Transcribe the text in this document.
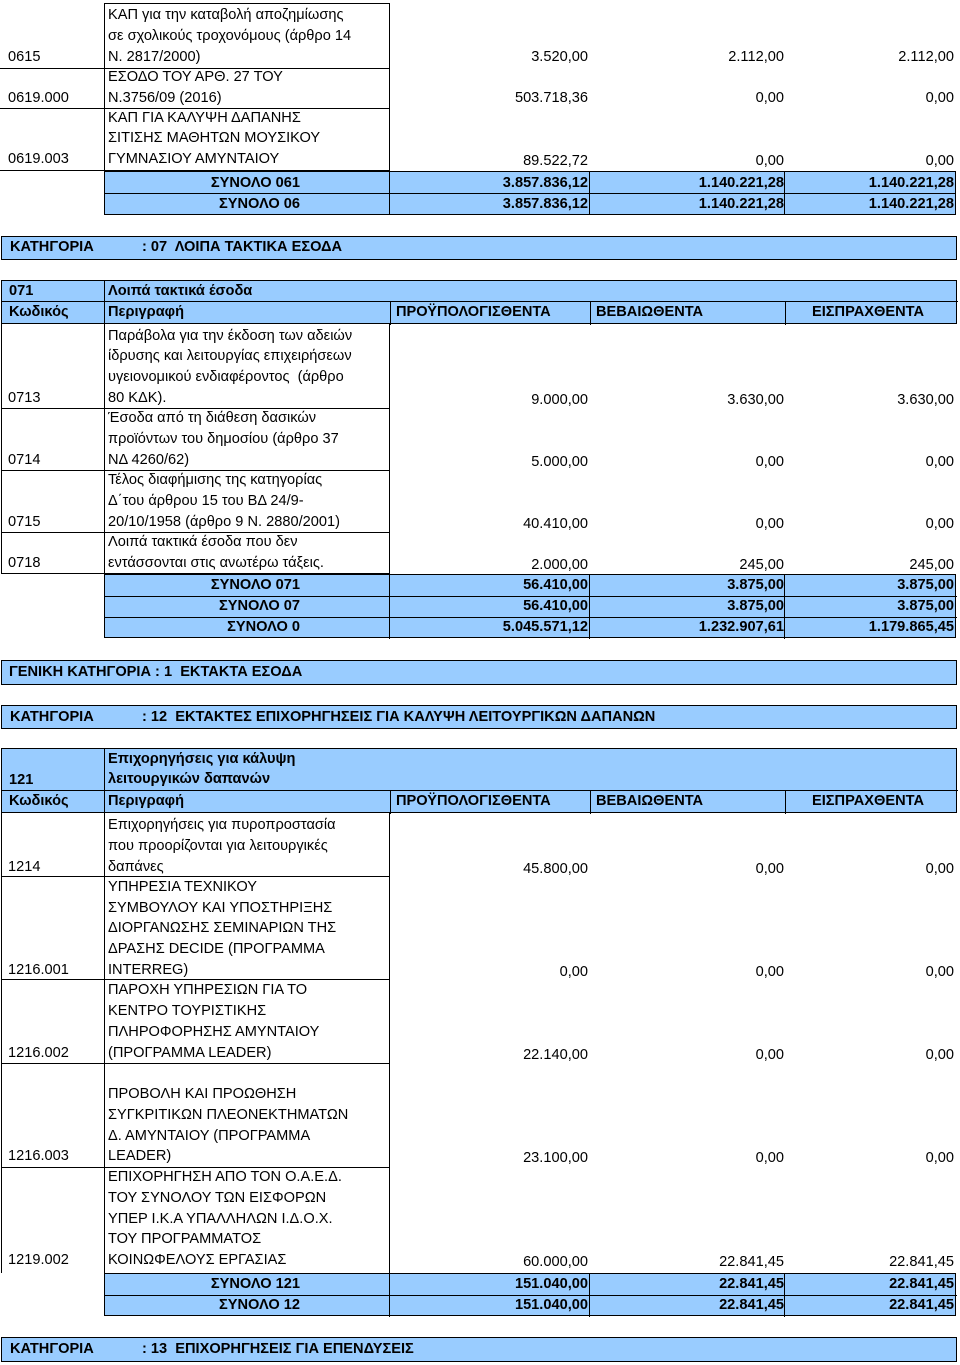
0615
ΚΑΠ για την καταβολή αποζημίωσης
σε σχολικούς τροχονόμους (άρθρο 14
Ν. 2817/2000)	3.520,00	2.112,00	2.112,00
0619.000
ΕΣΟΔΟ ΤΟΥ ΑΡΘ. 27 ΤΟΥ
Ν.3756/09 (2016)	503.718,36	0,00	0,00
0619.003
ΚΑΠ ΓΙΑ ΚΑΛΥΨΗ ΔΑΠΑΝΗΣ
ΣΙΤΙΣΗΣ ΜΑΘΗΤΩΝ ΜΟΥΣΙΚΟΥ
ΓΥΜΝΑΣΙΟΥ ΑΜΥΝΤΑΙΟΥ	89.522,72	0,00	0,00
ΣΥΝΟΛΟ 061	3.857.836,12	1.140.221,28	1.140.221,28
ΣΥΝΟΛΟ 06	3.857.836,12	1.140.221,28	1.140.221,28
ΚΑΤΗΓΟΡΙΑ	: 07  ΛΟΙΠΑ ΤΑΚΤΙΚΑ ΕΣΟΔΑ
071	Λοιπά τακτικά έσοδα
Κωδικός	Περιγραφή	ΠΡΟΫΠΟΛΟΓΙΣΘΕΝΤΑ	ΒΕΒΑΙΩΘΕΝΤΑ	ΕΙΣΠΡΑΧΘΕΝΤΑ
0713
Παράβολα για την έκδοση των αδειών
ίδρυσης και λειτουργίας επιχειρήσεων
υγειονομικού ενδιαφέροντος  (άρθρο
80 ΚΔΚ).	9.000,00	3.630,00	3.630,00
0714
Έσοδα από τη διάθεση δασικών
προϊόντων του δημοσίου (άρθρο 37
ΝΔ 4260/62)	5.000,00	0,00	0,00
0715
Τέλος διαφήμισης της κατηγορίας
Δ΄του άρθρου 15 του ΒΔ 24/9-
20/10/1958 (άρθρο 9 Ν. 2880/2001)	40.410,00	0,00	0,00
0718
Λοιπά τακτικά έσοδα που δεν
εντάσσονται στις ανωτέρω τάξεις.	2.000,00	245,00	245,00
ΣΥΝΟΛΟ 071	56.410,00	3.875,00	3.875,00
ΣΥΝΟΛΟ 07	56.410,00	3.875,00	3.875,00
ΣΥΝΟΛΟ 0	5.045.571,12	1.232.907,61	1.179.865,45
ΓΕΝΙΚΗ ΚΑΤΗΓΟΡΙΑ : 1  ΕΚΤΑΚΤΑ ΕΣΟΔΑ
ΚΑΤΗΓΟΡΙΑ	: 12  ΕΚΤΑΚΤΕΣ ΕΠΙΧΟΡΗΓΗΣΕΙΣ ΓΙΑ ΚΑΛΥΨΗ ΛΕΙΤΟΥΡΓΙΚΩΝ ΔΑΠΑΝΩΝ
121
Επιχορηγήσεις για κάλυψη
λειτουργικών δαπανών
Κωδικός	Περιγραφή	ΠΡΟΫΠΟΛΟΓΙΣΘΕΝΤΑ	ΒΕΒΑΙΩΘΕΝΤΑ	ΕΙΣΠΡΑΧΘΕΝΤΑ
1214
Επιχορηγήσεις για πυροπροστασία
που προορίζονται για λειτουργικές
δαπάνες	45.800,00	0,00	0,00
1216.001
ΥΠΗΡΕΣΙΑ ΤΕΧΝΙΚΟΥ
ΣΥΜΒΟΥΛΟΥ ΚΑΙ ΥΠΟΣΤΗΡΙΞΗΣ
ΔΙΟΡΓΑΝΩΣΗΣ ΣΕΜΙΝΑΡΙΩΝ ΤΗΣ
ΔΡΑΣΗΣ DECIDE (ΠΡΟΓΡΑΜΜΑ
INTERREG)	0,00	0,00	0,00
1216.002
ΠΑΡΟΧΗ ΥΠΗΡΕΣΙΩΝ ΓΙΑ ΤΟ
ΚΕΝΤΡΟ ΤΟΥΡΙΣΤΙΚΗΣ
ΠΛΗΡΟΦΟΡΗΣΗΣ ΑΜΥΝΤΑΙΟΥ
(ΠΡΟΓΡΑΜΜΑ LEADER)	22.140,00	0,00	0,00
1216.003
ΠΡΟΒΟΛΗ ΚΑΙ ΠΡΟΩΘΗΣΗ
ΣΥΓΚΡΙΤΙΚΩΝ ΠΛΕΟΝΕΚΤΗΜΑΤΩΝ
Δ. ΑΜΥΝΤΑΙΟΥ (ΠΡΟΓΡΑΜΜΑ
LEADER)	23.100,00	0,00	0,00
1219.002
ΕΠΙΧΟΡΗΓΗΣΗ ΑΠΟ ΤΟΝ Ο.Α.Ε.Δ.
ΤΟΥ ΣΥΝΟΛΟΥ ΤΩΝ ΕΙΣΦΟΡΩΝ
ΥΠΕΡ Ι.Κ.Α ΥΠΑΛΛΗΛΩΝ Ι.Δ.Ο.Χ.
ΤΟΥ ΠΡΟΓΡΑΜΜΑΤΟΣ
ΚΟΙΝΩΦΕΛΟΥΣ ΕΡΓΑΣΙΑΣ	60.000,00	22.841,45	22.841,45
ΣΥΝΟΛΟ 121	151.040,00	22.841,45	22.841,45
ΣΥΝΟΛΟ 12	151.040,00	22.841,45	22.841,45
ΚΑΤΗΓΟΡΙΑ	: 13  ΕΠΙΧΟΡΗΓΗΣΕΙΣ ΓΙΑ ΕΠΕΝΔΥΣΕΙΣ
